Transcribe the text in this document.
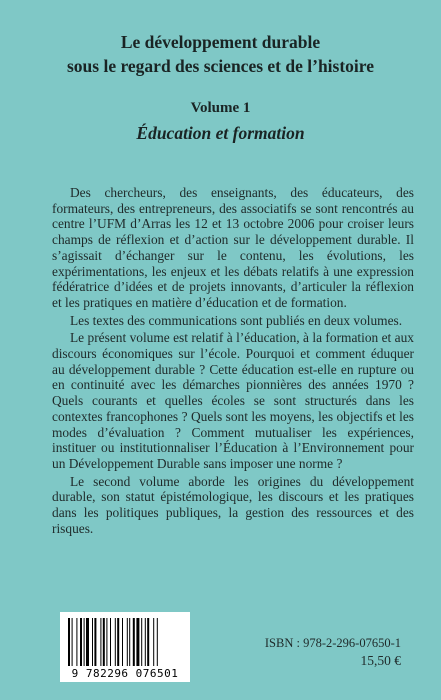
Le développement durable
sous le regard des sciences et de l’histoire
Volume 1
Éducation et formation

Des chercheurs, des enseignants, des éducateurs, des formateurs, des entrepreneurs, des associatifs se sont rencontrés au centre l’UFM d’Arras les 12 et 13 octobre 2006 pour croiser leurs champs de réflexion et d’action sur le développement durable. Il s’agissait d’échanger sur le contenu, les évolutions, les expérimentations, les enjeux et les débats relatifs à une expression fédératrice d’idées et de projets innovants, d’articuler la réflexion et les pratiques en matière d’éducation et de formation.

Les textes des communications sont publiés en deux volumes.

Le présent volume est relatif à l’éducation, à la formation et aux discours économiques sur l’école. Pourquoi et comment éduquer au développement durable ? Cette éducation est-elle en rupture ou en continuité avec les démarches pionnières des années 1970 ? Quels courants et quelles écoles se sont structurés dans les contextes francophones ? Quels sont les moyens, les objectifs et les modes d’évaluation ? Comment mutualiser les expériences, instituer ou institutionnaliser l’Éducation à l’Environnement pour un Développement Durable sans imposer une norme ?

Le second volume aborde les origines du développement durable, son statut épistémologique, les discours et les pratiques dans les politiques publiques, la gestion des ressources et des risques.

9 782296 076501
ISBN : 978-2-296-07650-1
15,50 €
